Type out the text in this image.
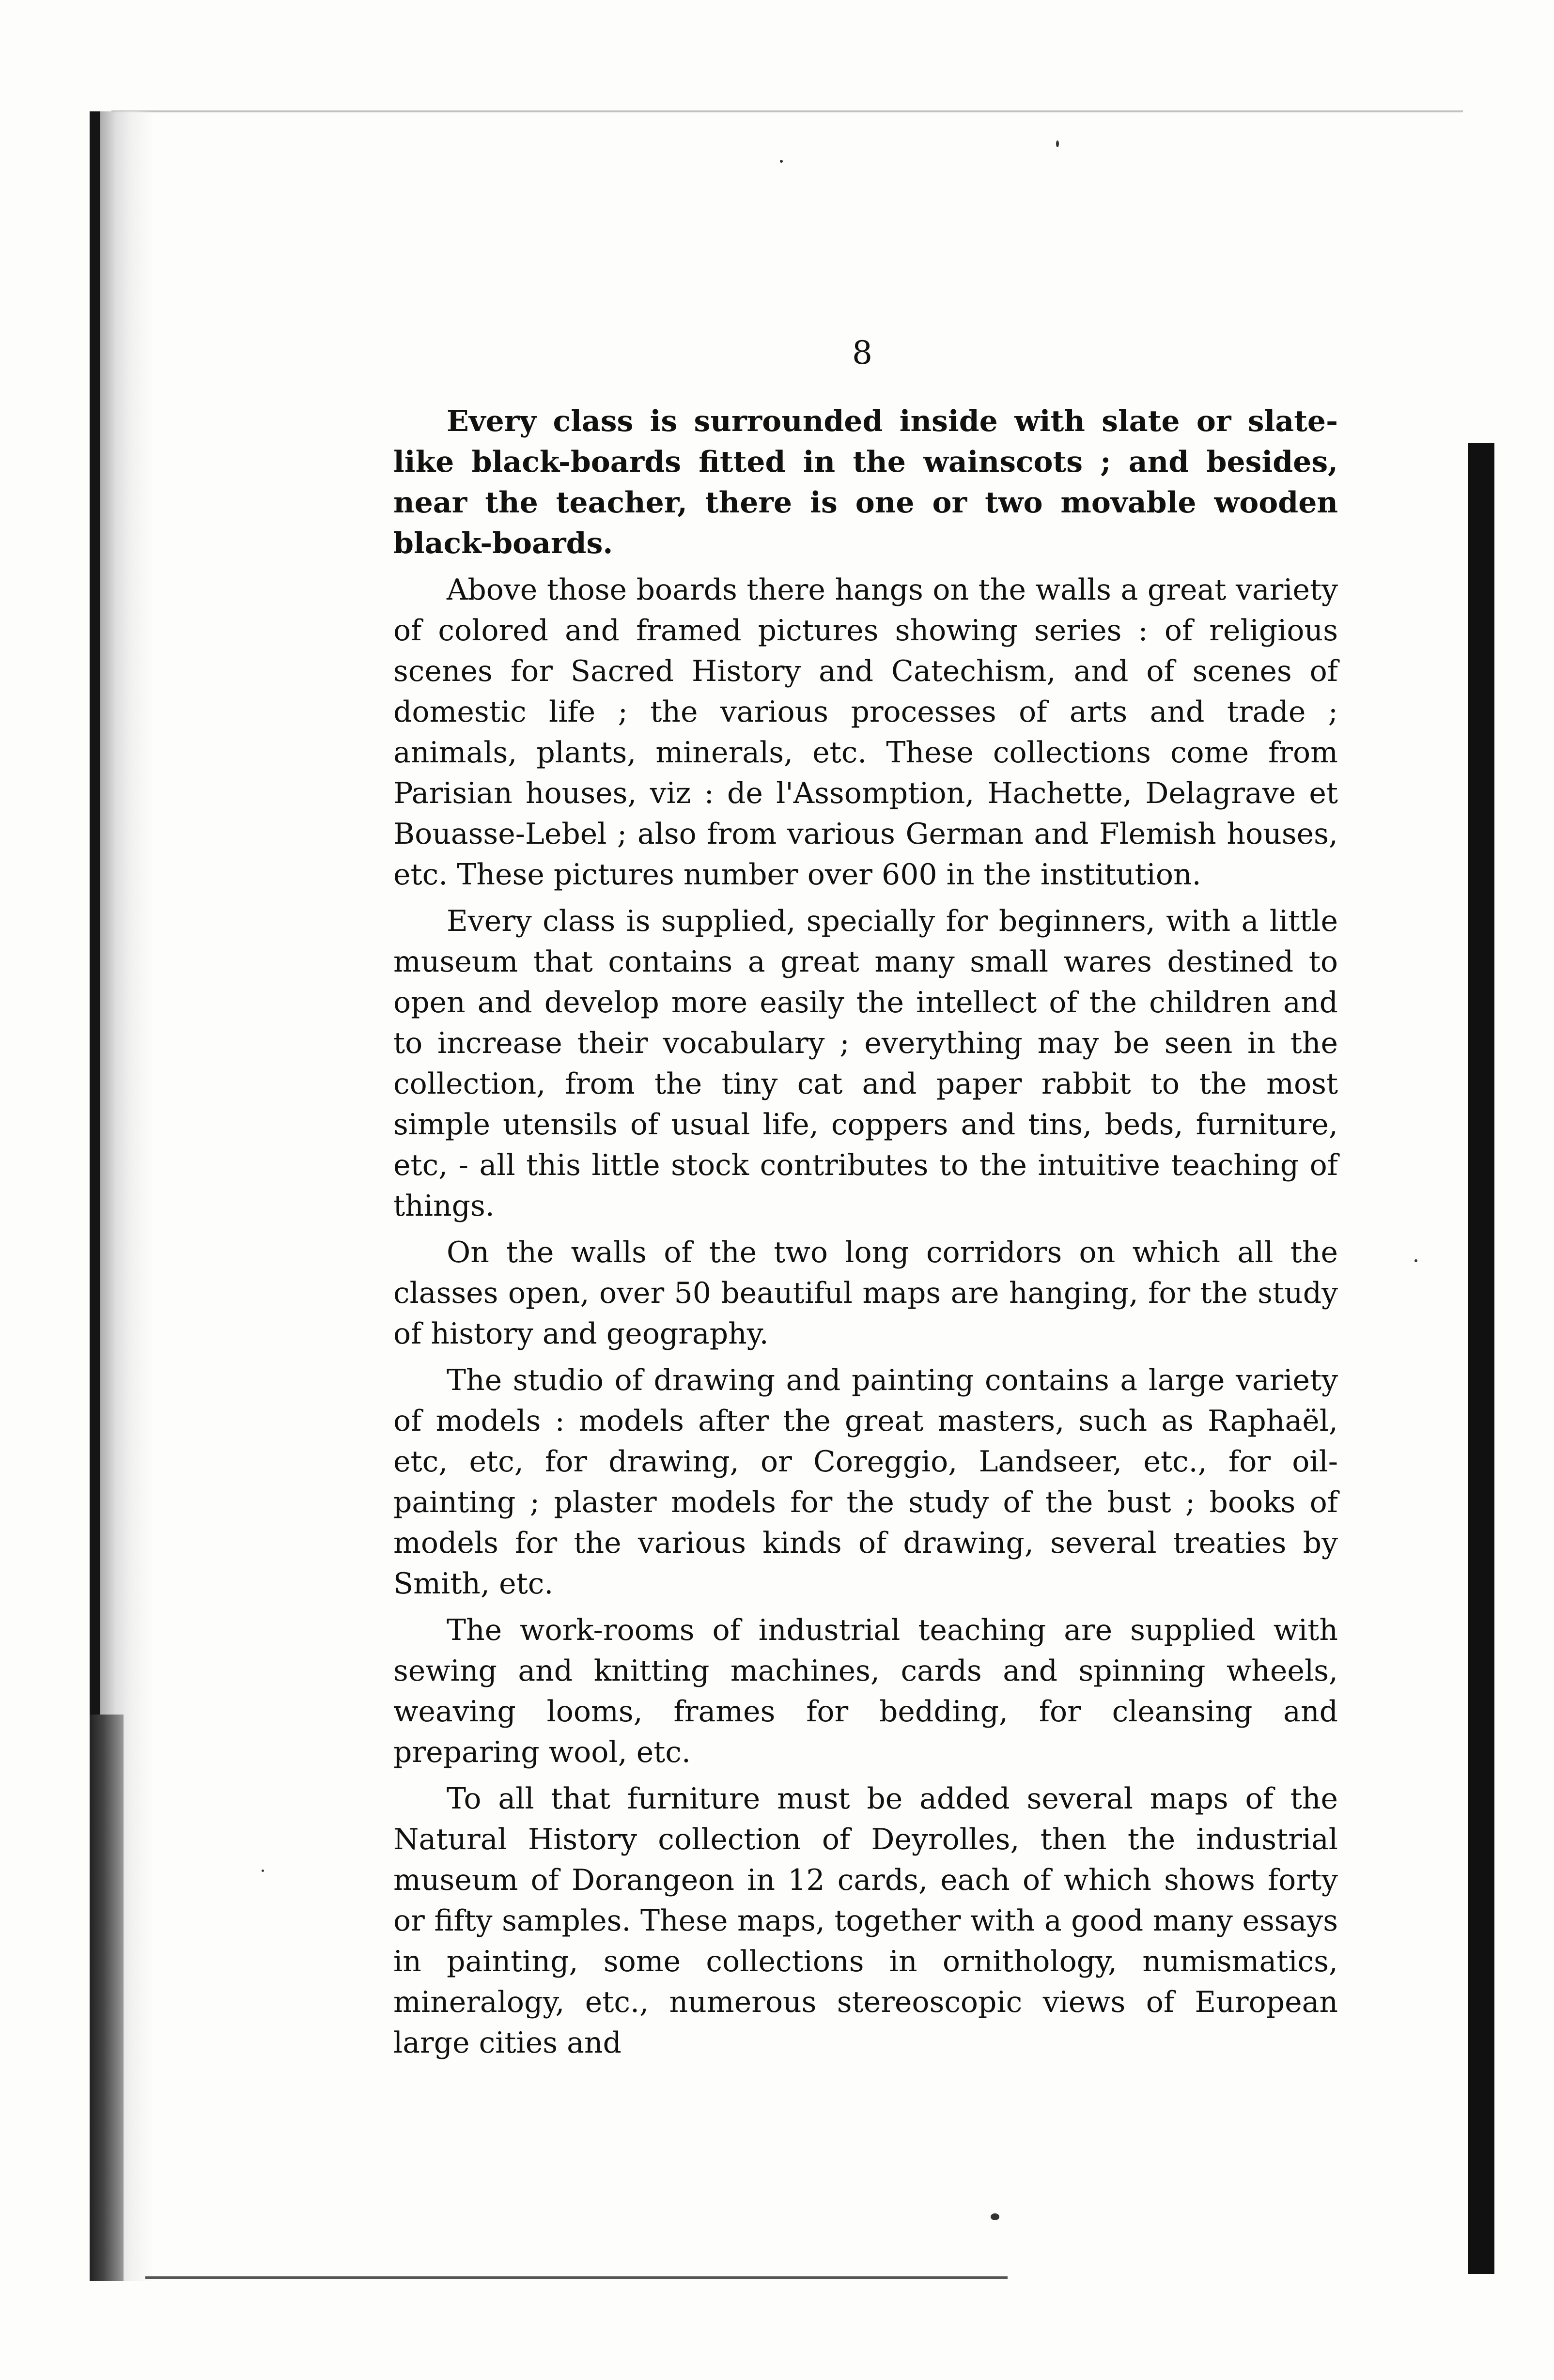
8

Every class is surrounded inside with slate or slate-like black-boards fitted in the wainscots ; and besides, near the teacher, there is one or two movable wooden black-boards.

Above those boards there hangs on the walls a great variety of colored and framed pictures showing series : of religious scenes for Sacred History and Catechism, and of scenes of domestic life ; the various processes of arts and trade ; animals, plants, minerals, etc. These collections come from Parisian houses, viz : de l'Assomption, Hachette, Delagrave et Bouasse-Lebel ; also from various German and Flemish houses, etc. These pictures number over 600 in the institution.

Every class is supplied, specially for beginners, with a little museum that contains a great many small wares destined to open and develop more easily the intellect of the children and to increase their vocabulary ; everything may be seen in the collection, from the tiny cat and paper rabbit to the most simple utensils of usual life, coppers and tins, beds, furniture, etc, - all this little stock contributes to the intuitive teaching of things.

On the walls of the two long corridors on which all the classes open, over 50 beautiful maps are hanging, for the study of history and geography.

The studio of drawing and painting contains a large variety of models : models after the great masters, such as Raphaël, etc, etc, for drawing, or Coreggio, Landseer, etc., for oil-painting ; plaster models for the study of the bust ; books of models for the various kinds of drawing, several treaties by Smith, etc.

The work-rooms of industrial teaching are supplied with sewing and knitting machines, cards and spinning wheels, weaving looms, frames for bedding, for cleansing and preparing wool, etc.

To all that furniture must be added several maps of the Natural History collection of Deyrolles, then the industrial museum of Dorangeon in 12 cards, each of which shows forty or fifty samples. These maps, together with a good many essays in painting, some collections in ornithology, numismatics, mineralogy, etc., numerous stereoscopic views of European large cities and
